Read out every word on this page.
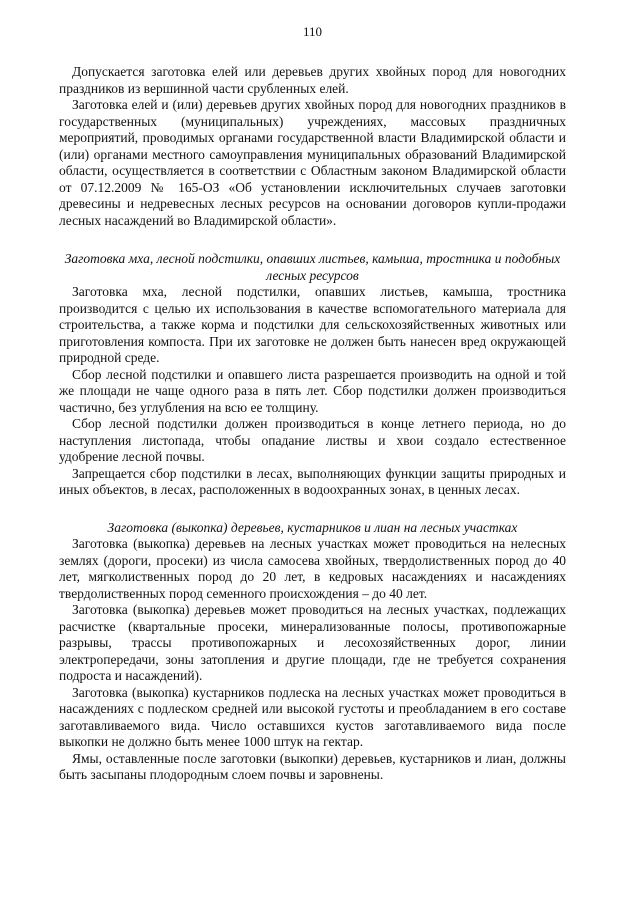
110

Допускается заготовка елей или деревьев других хвойных пород для новогодних праздников из вершинной части срубленных елей.

Заготовка елей и (или) деревьев других хвойных пород для новогодних праздников в государственных (муниципальных) учреждениях, массовых праздничных мероприятий, проводимых органами государственной власти Владимирской области и (или) органами местного самоуправления муниципальных образований Владимирской области, осуществляется в соответствии с Областным законом Владимирской области от 07.12.2009 № 165-ОЗ «Об установлении исключительных случаев заготовки древесины и недревесных лесных ресурсов на основании договоров купли-продажи лесных насаждений во Владимирской области».

Заготовка мха, лесной подстилки, опавших листьев, камыша, тростника и подобных лесных ресурсов

Заготовка мха, лесной подстилки, опавших листьев, камыша, тростника производится с целью их использования в качестве вспомогательного материала для строительства, а также корма и подстилки для сельскохозяйственных животных или приготовления компоста. При их заготовке не должен быть нанесен вред окружающей природной среде.

Сбор лесной подстилки и опавшего листа разрешается производить на одной и той же площади не чаще одного раза в пять лет. Сбор подстилки должен производиться частично, без углубления на всю ее толщину.

Сбор лесной подстилки должен производиться в конце летнего периода, но до наступления листопада, чтобы опадание листвы и хвои создало естественное удобрение лесной почвы.

Запрещается сбор подстилки в лесах, выполняющих функции защиты природных и иных объектов, в лесах, расположенных в водоохранных зонах, в ценных лесах.

Заготовка (выкопка) деревьев, кустарников и лиан на лесных участках

Заготовка (выкопка) деревьев на лесных участках может проводиться на нелесных землях (дороги, просеки) из числа самосева хвойных, твердолиственных пород до 40 лет, мягколиственных пород до 20 лет, в кедровых насаждениях и насаждениях твердолиственных пород семенного происхождения – до 40 лет.

Заготовка (выкопка) деревьев может проводиться на лесных участках, подлежащих расчистке (квартальные просеки, минерализованные полосы, противопожарные разрывы, трассы противопожарных и лесохозяйственных дорог, линии электропередачи, зоны затопления и другие площади, где не требуется сохранения подроста и насаждений).

Заготовка (выкопка) кустарников подлеска на лесных участках может проводиться в насаждениях с подлеском средней или высокой густоты и преобладанием в его составе заготавливаемого вида. Число оставшихся кустов заготавливаемого вида после выкопки не должно быть менее 1000 штук на гектар.

Ямы, оставленные после заготовки (выкопки) деревьев, кустарников и лиан, должны быть засыпаны плодородным слоем почвы и заровнены.
